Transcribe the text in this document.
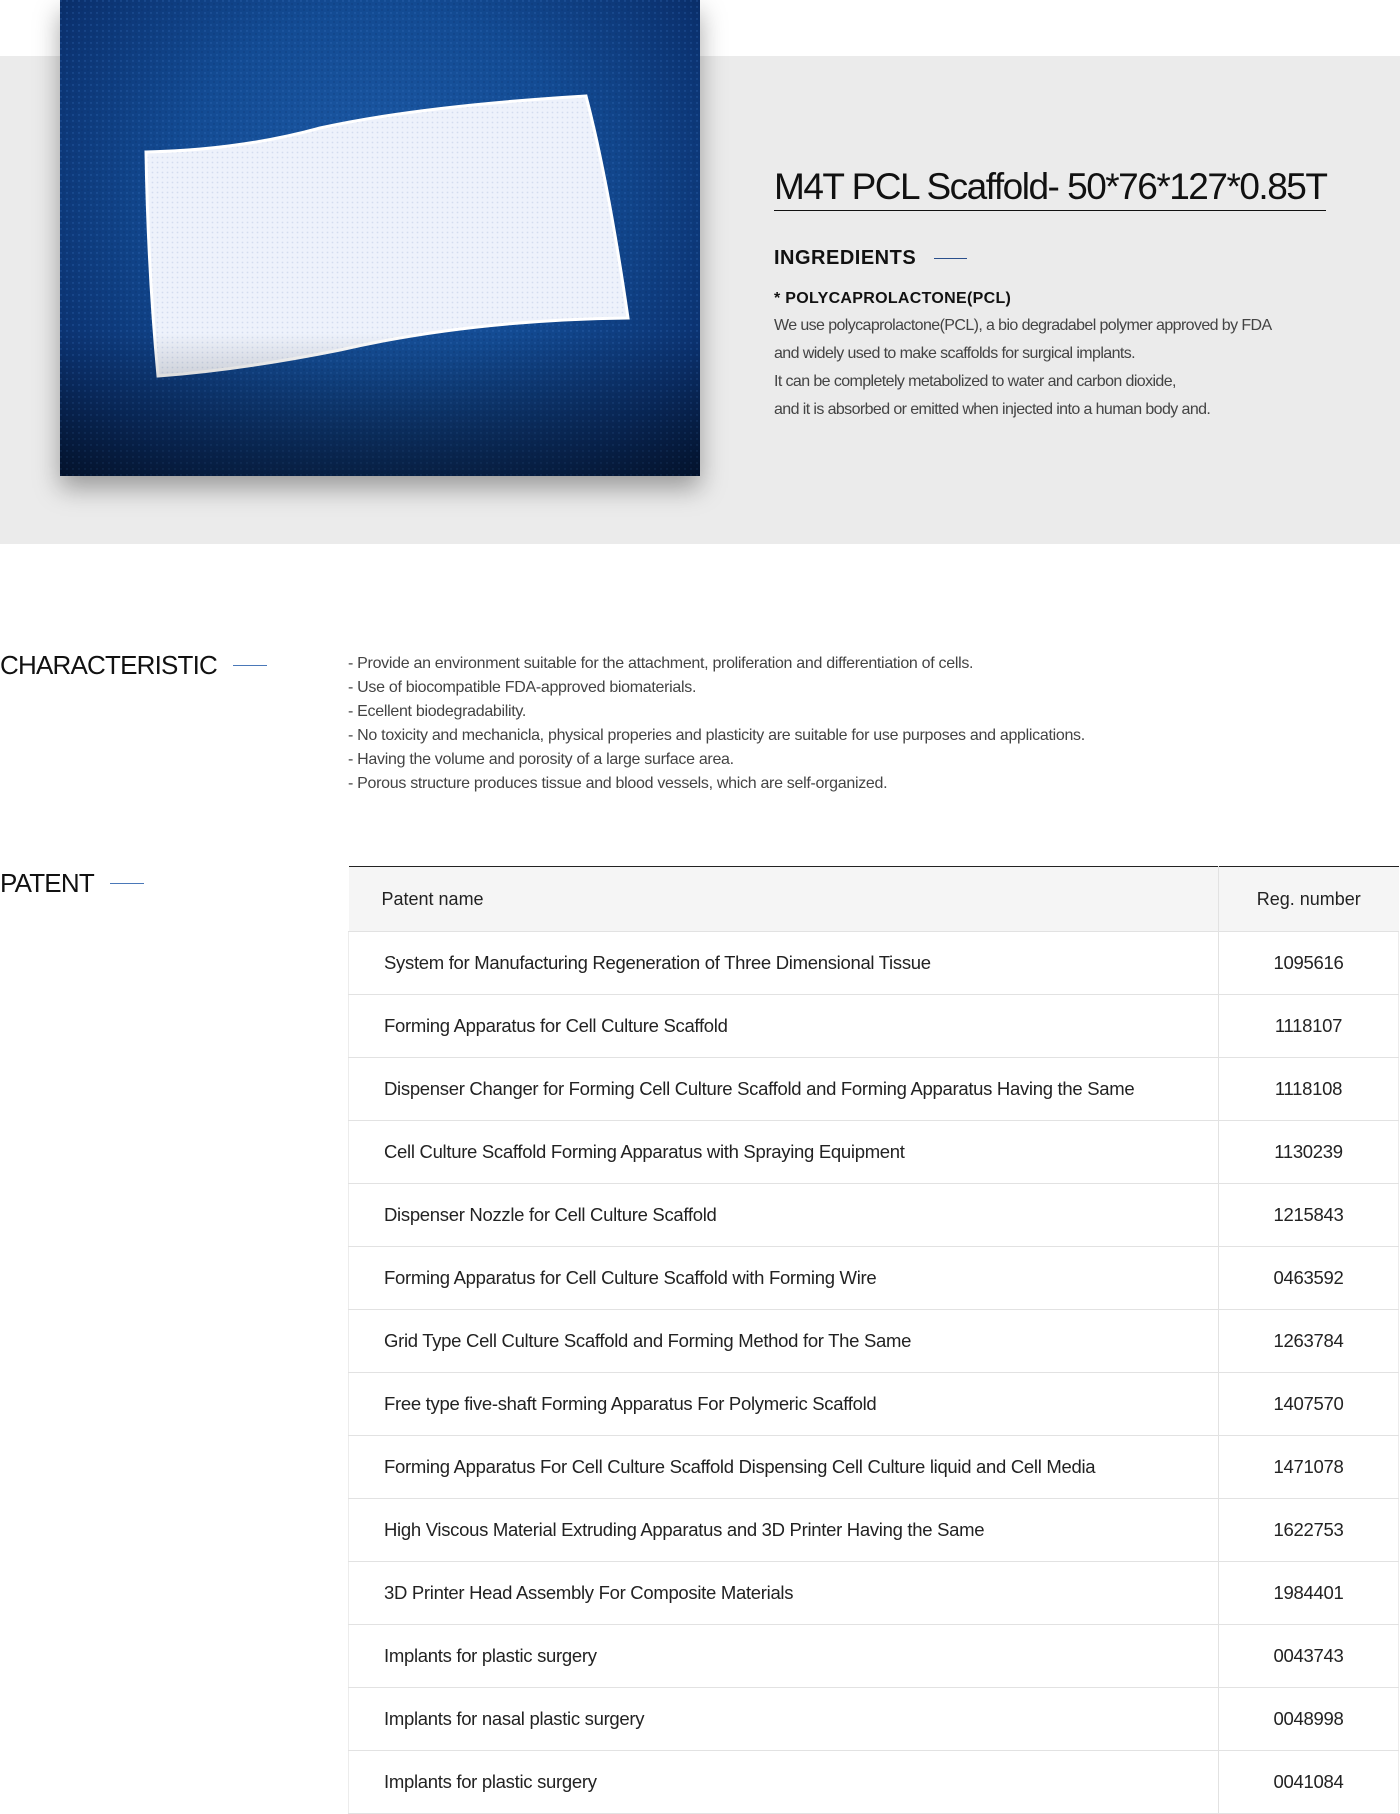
M4T PCL Scaffold- 50*76*127*0.85T
INGREDIENTS
* POLYCAPROLACTONE(PCL)
We use polycaprolactone(PCL), a bio degradabel polymer approved by FDA
and widely used to make scaffolds for surgical implants.
It can be completely metabolized to water and carbon dioxide,
and it is absorbed or emitted when injected into a human body and.
CHARACTERISTIC	- Provide an environment suitable for the attachment, proliferation and differentiation of cells.
- Use of biocompatible FDA-approved biomaterials.
- Ecellent biodegradability.
- No toxicity and mechanicla, physical properies and plasticity are suitable for use purposes and applications.
- Having the volume and porosity of a large surface area.
- Porous structure produces tissue and blood vessels, which are self-organized.
PATENT
Patent name	Reg. number
System for Manufacturing Regeneration of Three Dimensional Tissue	1095616
Forming Apparatus for Cell Culture Scaffold	1118107
Dispenser Changer for Forming Cell Culture Scaffold and Forming Apparatus Having the Same	1118108
Cell Culture Scaffold Forming Apparatus with Spraying Equipment	1130239
Dispenser Nozzle for Cell Culture Scaffold	1215843
Forming Apparatus for Cell Culture Scaffold with Forming Wire	0463592
Grid Type Cell Culture Scaffold and Forming Method for The Same	1263784
Free type five-shaft Forming Apparatus For Polymeric Scaffold	1407570
Forming Apparatus For Cell Culture Scaffold Dispensing Cell Culture liquid and Cell Media	1471078
High Viscous Material Extruding Apparatus and 3D Printer Having the Same	1622753
3D Printer Head Assembly For Composite Materials	1984401
Implants for plastic surgery	0043743
Implants for nasal plastic surgery	0048998
Implants for plastic surgery	0041084
